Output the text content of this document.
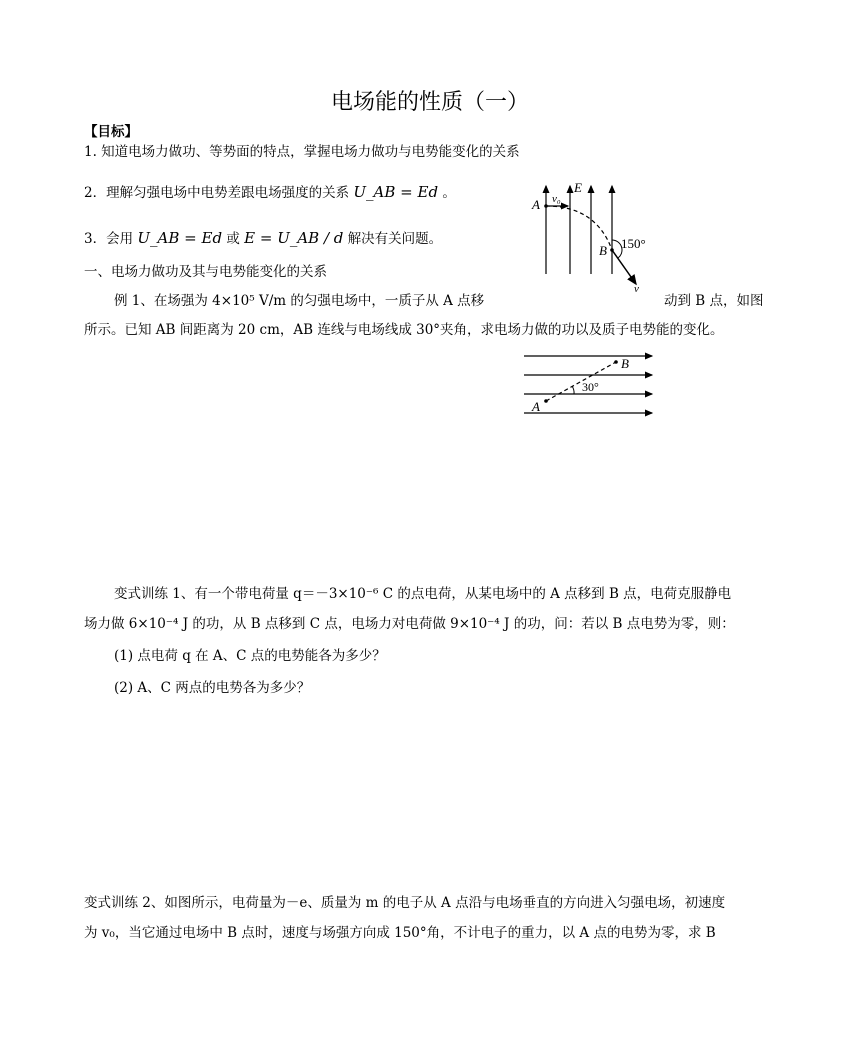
电场能的性质（一）
【目标】
1. 知道电场力做功、等势面的特点，掌握电场力做功与电势能变化的关系
2．理解匀强电场中电势差跟电场强度的关系 U_AB = Ed 。
3．会用 U_AB = Ed 或 E = U_AB / d 解决有关问题。
一、电场力做功及其与电势能变化的关系
例 1、在场强为 4×10⁵ V/m 的匀强电场中，一质子从 A 点移	动到 B 点，如图
所示。已知 AB 间距离为 20 cm，AB 连线与电场线成 30°夹角，求电场力做的功以及质子电势能的变化。
A v₀
E
B 150°
v
A
B
30°
变式训练 1、有一个带电荷量 q＝－3×10⁻⁶ C 的点电荷，从某电场中的 A 点移到 B 点，电荷克服静电
场力做 6×10⁻⁴ J 的功，从 B 点移到 C 点，电场力对电荷做 9×10⁻⁴ J 的功，问：若以 B 点电势为零，则：
(1) 点电荷 q 在 A、C 点的电势能各为多少？
(2) A、C 两点的电势各为多少？
变式训练 2、如图所示，电荷量为－e、质量为 m 的电子从 A 点沿与电场垂直的方向进入匀强电场，初速度
为 v₀，当它通过电场中 B 点时，速度与场强方向成 150°角，不计电子的重力，以 A 点的电势为零，求 B
